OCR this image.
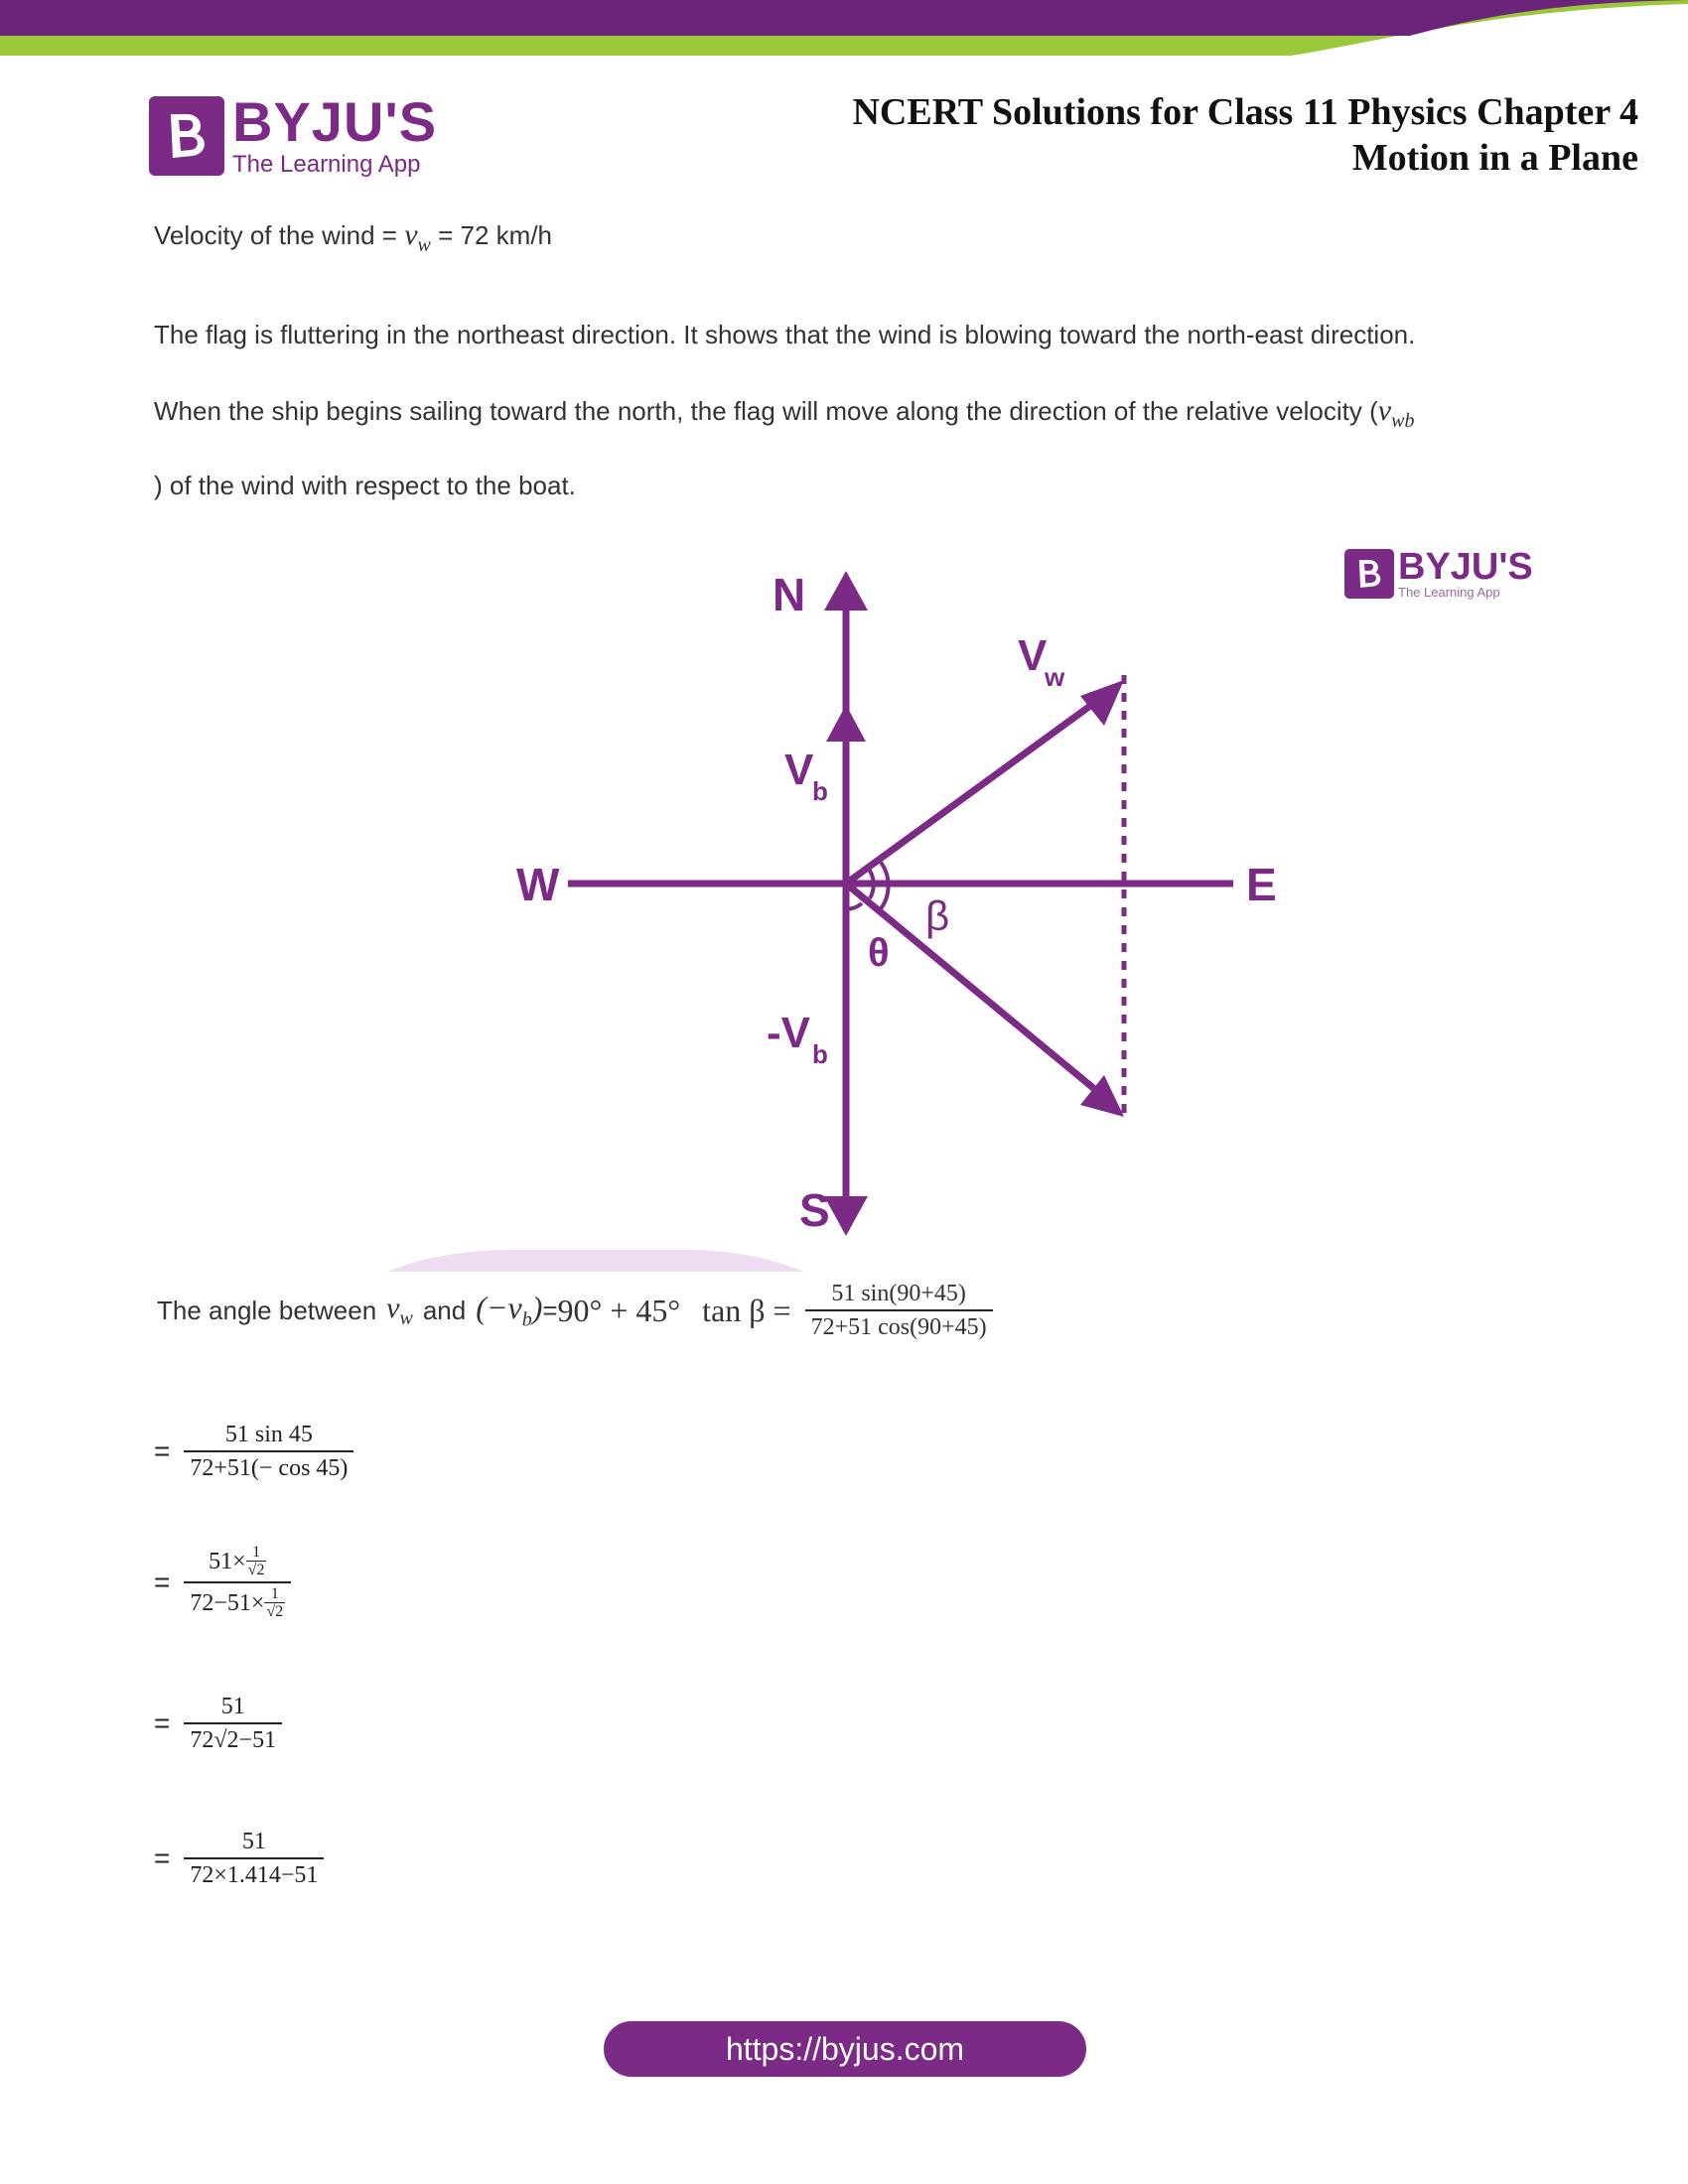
BYJU'S
The Learning App
NCERT Solutions for Class 11 Physics Chapter 4
Motion in a Plane
Velocity of the wind = $v_w = 72$ km/h
The flag is fluttering in the northeast direction. It shows that the wind is blowing toward the north-east direction.
When the ship begins sailing toward the north, the flag will move along the direction of the relative velocity ($v_{wb}$
) of the wind with respect to the boat.
BYJU'S
The Learning App
N
S
E
W
V
w
V
b
-V b
β
θ
The angle between $v_w$ and $(-v_b) = 90^\circ + 45^\circ$ $\tan \beta = \frac{51 \sin(90+45)}{72+51 \cos(90+45)}$
= $\frac{51 \sin 45}{72+51(- \cos 45)}$
= $\frac{51\times \frac{1}{√2}}{72-51\times \frac{1}{√2}}$
= $\frac{51}{72√2-51}$
= $\frac{51}{72\times 1.414-51}$
https://byjus.com
